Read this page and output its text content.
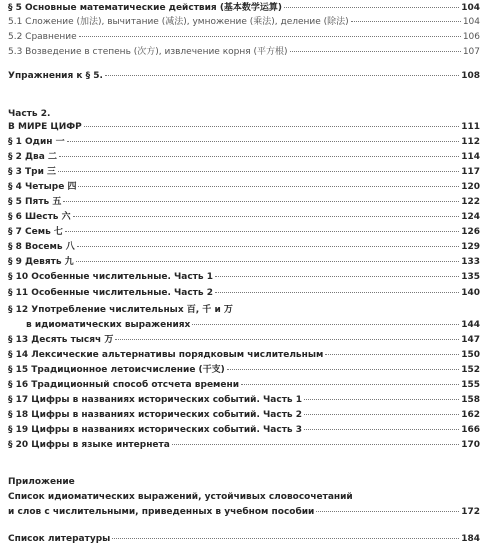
§ 5 Основные математические действия (基本数学运算)	104
5.1 Сложение (加法), вычитание (减法), умножение (乘法), деление (除法)	104
5.2 Сравнение	106
5.3 Возведение в степень (次方), извлечение корня (平方根)	107
Упражнения к § 5.	108
Часть 2.
В МИРЕ ЦИФР	111
§ 1 Один 一	112
§ 2 Два 二	114
§ 3 Три 三	117
§ 4 Четыре 四	120
§ 5 Пять 五	122
§ 6 Шесть 六	124
§ 7 Семь 七	126
§ 8 Восемь 八	129
§ 9 Девять 九	133
§ 10 Особенные числительные. Часть 1	135
§ 11 Особенные числительные. Часть 2	140
§ 12 Употребление числительных 百, 千 и 万
в идиоматических выражениях	144
§ 13 Десять тысяч 万	147
§ 14 Лексические альтернативы порядковым числительным	150
§ 15 Традиционное летоисчисление (干支)	152
§ 16 Традиционный способ отсчета времени	155
§ 17 Цифры в названиях исторических событий. Часть 1	158
§ 18 Цифры в названиях исторических событий. Часть 2	162
§ 19 Цифры в названиях исторических событий. Часть 3	166
§ 20 Цифры в языке интернета	170
Приложение
Список идиоматических выражений, устойчивых словосочетаний
и слов с числительными, приведенных в учебном пособии	172
Список литературы	184
